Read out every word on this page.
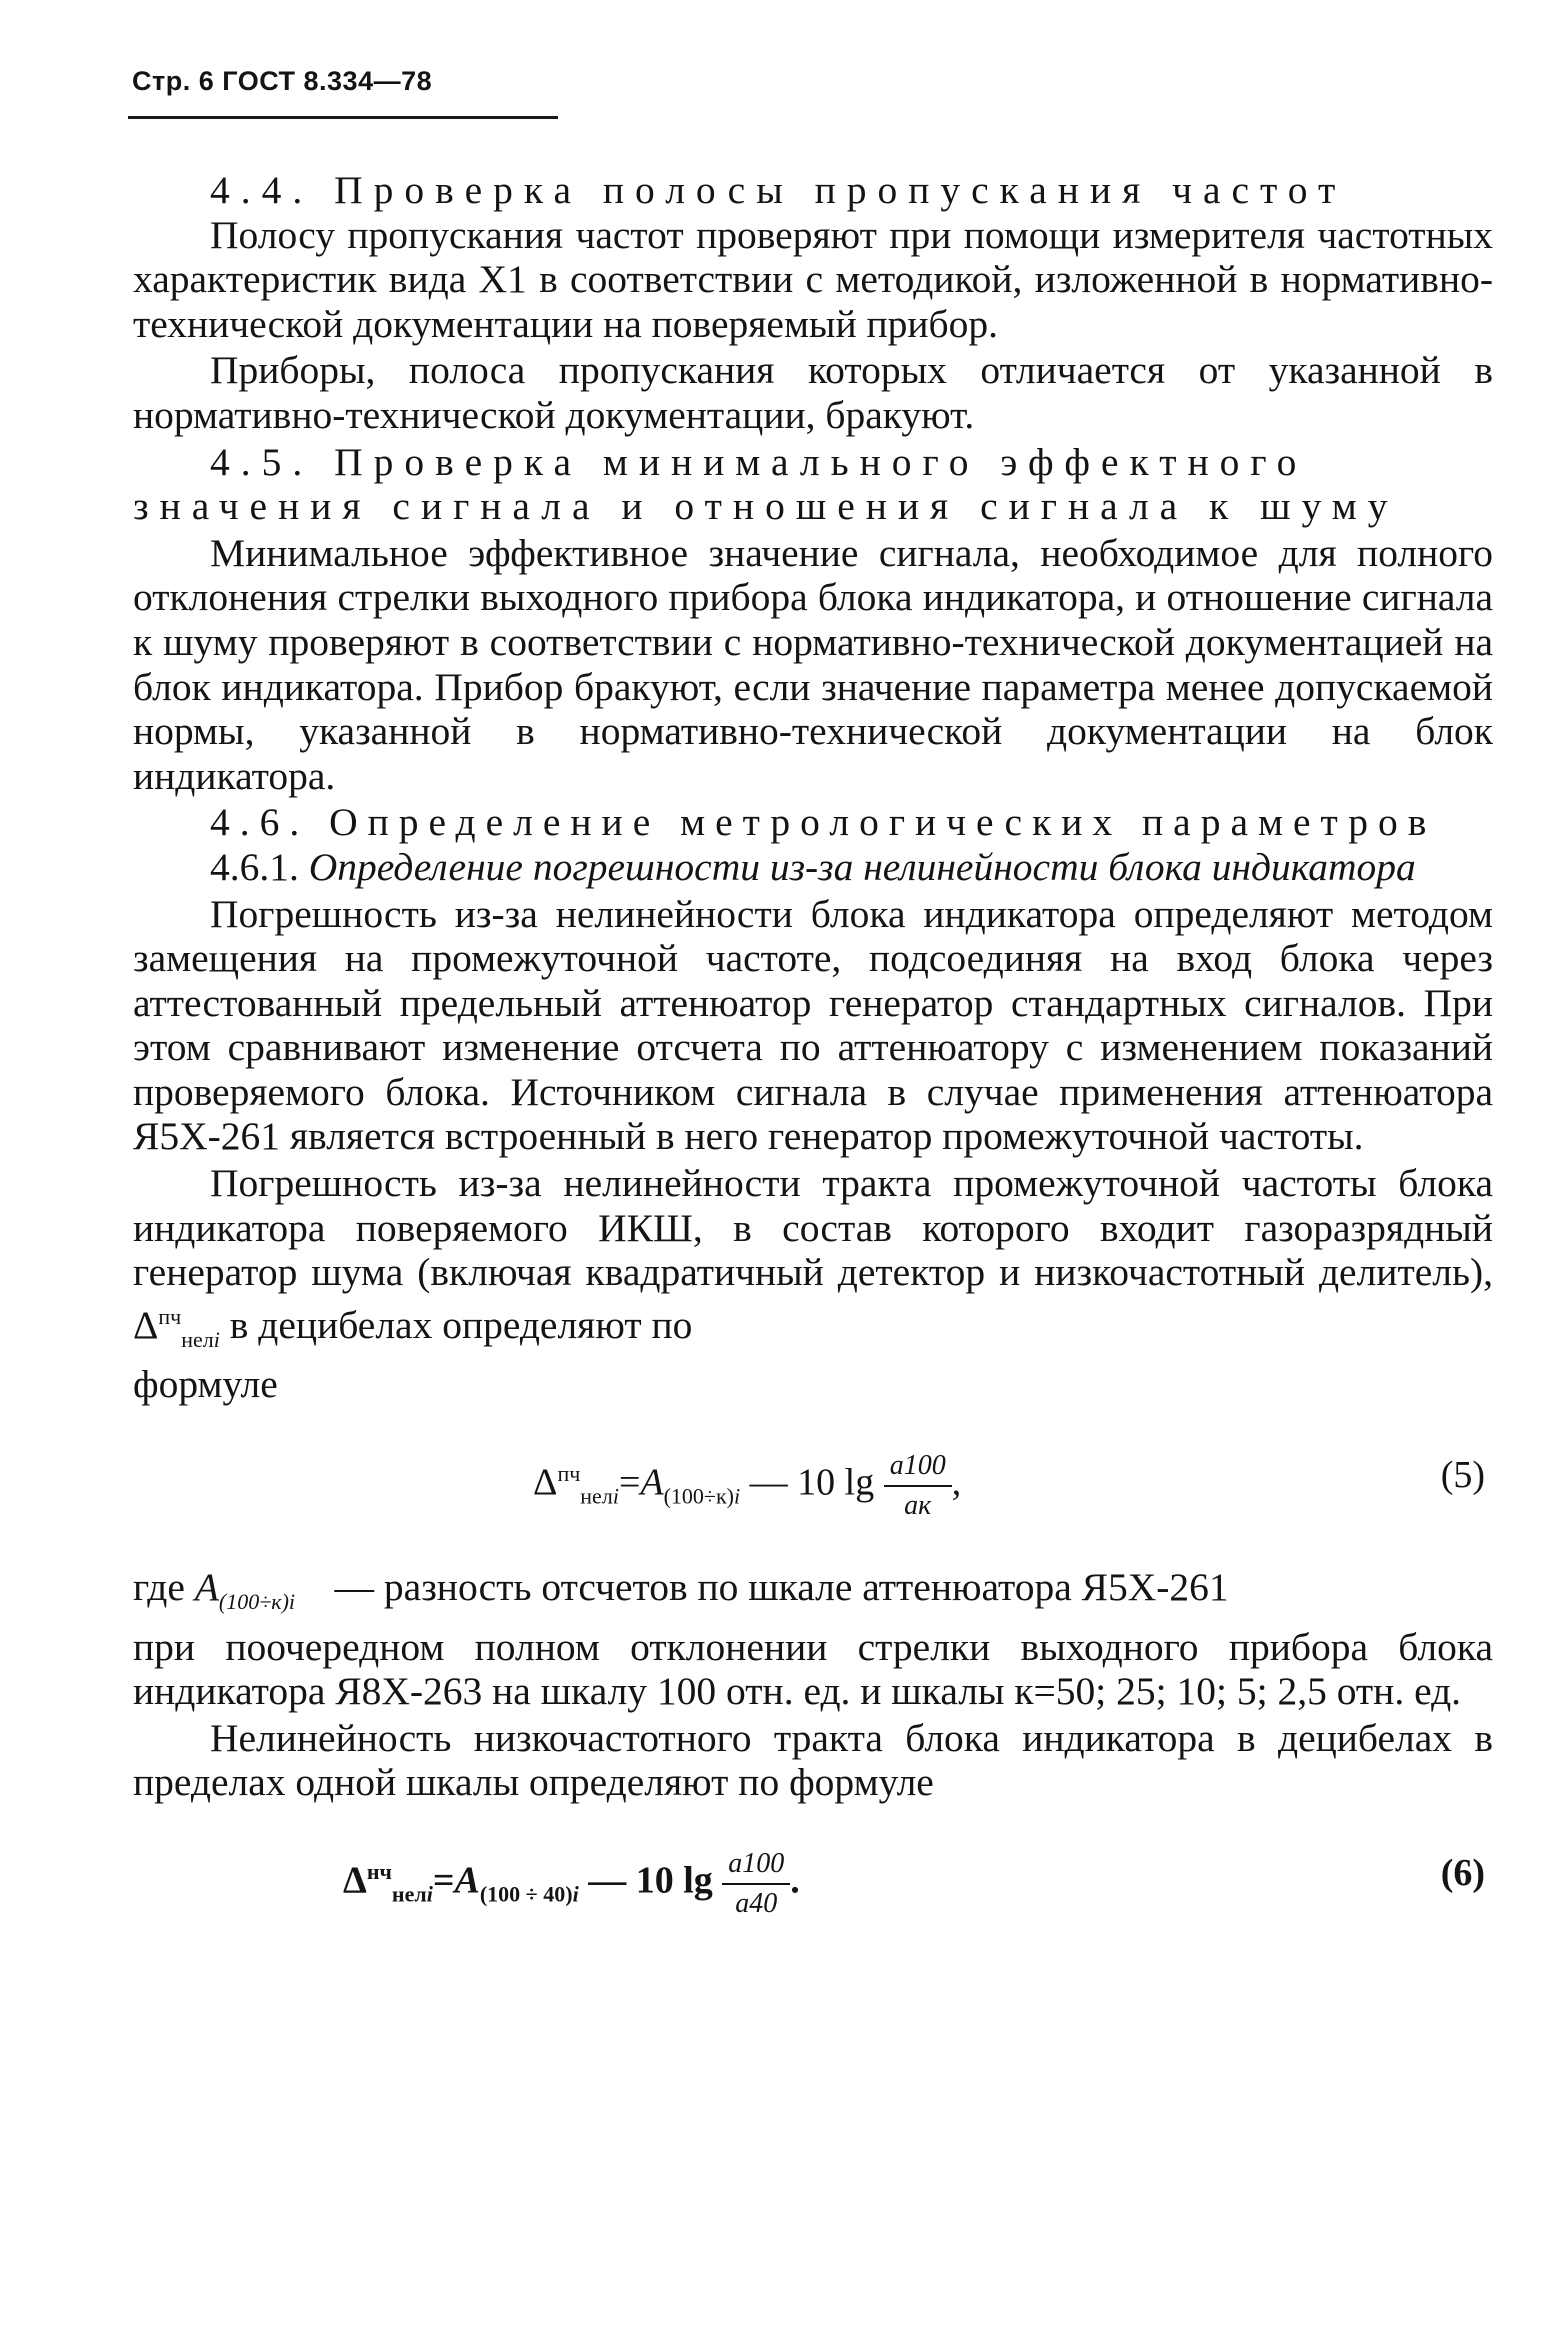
Стр. 6 ГОСТ 8.334—78

4.4. Проверка полосы пропускания частот

Полосу пропускания частот проверяют при помощи измерителя частотных характеристик вида X1 в соответствии с методикой, изложенной в нормативно-технической документации на поверяемый прибор.

Приборы, полоса пропускания которых отличается от указанной в нормативно-технической документации, бракуют.

4.5. Проверка минимального эффектного значения сигнала и отношения сигнала к шуму

Минимальное эффективное значение сигнала, необходимое для полного отклонения стрелки выходного прибора блока индикатора, и отношение сигнала к шуму проверяют в соответствии с нормативно-технической документацией на блок индикатора. Прибор бракуют, если значение параметра менее допускаемой нормы, указанной в нормативно-технической документации на блок индикатора.

4.6. Определение метрологических параметров

4.6.1. Определение погрешности из-за нелинейности блока индикатора

Погрешность из-за нелинейности блока индикатора определяют методом замещения на промежуточной частоте, подсоединяя на вход блока через аттестованный предельный аттенюатор генератор стандартных сигналов. При этом сравнивают изменение отсчета по аттенюатору с изменением показаний проверяемого блока. Источником сигнала в случае применения аттенюатора Я5Х-261 является встроенный в него генератор промежуточной частоты.

Погрешность из-за нелинейности тракта промежуточной частоты блока индикатора поверяемого ИКШ, в состав которого входит газоразрядный генератор шума (включая квадратичный детектор и низкочастотный делитель), $\Delta^{пч}_{нелi}$ в децибелах определяют по

формуле

$\Delta^{пч}_{нелi}=A_{(100\div к)i}$ — 10 $\lg \frac{a100}{aк}$ ,	(5)

где $A_{(100\div к)i}$ — разность отсчетов по шкале аттенюатора Я5Х-261

при поочередном полном отклонении стрелки выходного прибора блока индикатора Я8Х-263 на шкалу 100 отн. ед. и шкалы к=50; 25; 10; 5; 2,5 отн. ед.

Нелинейность низкочастотного тракта блока индикатора в децибелах в пределах одной шкалы определяют по формуле

$\Delta^{нч}_{нелi}=A_{(100 \div 40)i}$ — 10 $\lg \frac{a100}{a40}$ .	(6)
